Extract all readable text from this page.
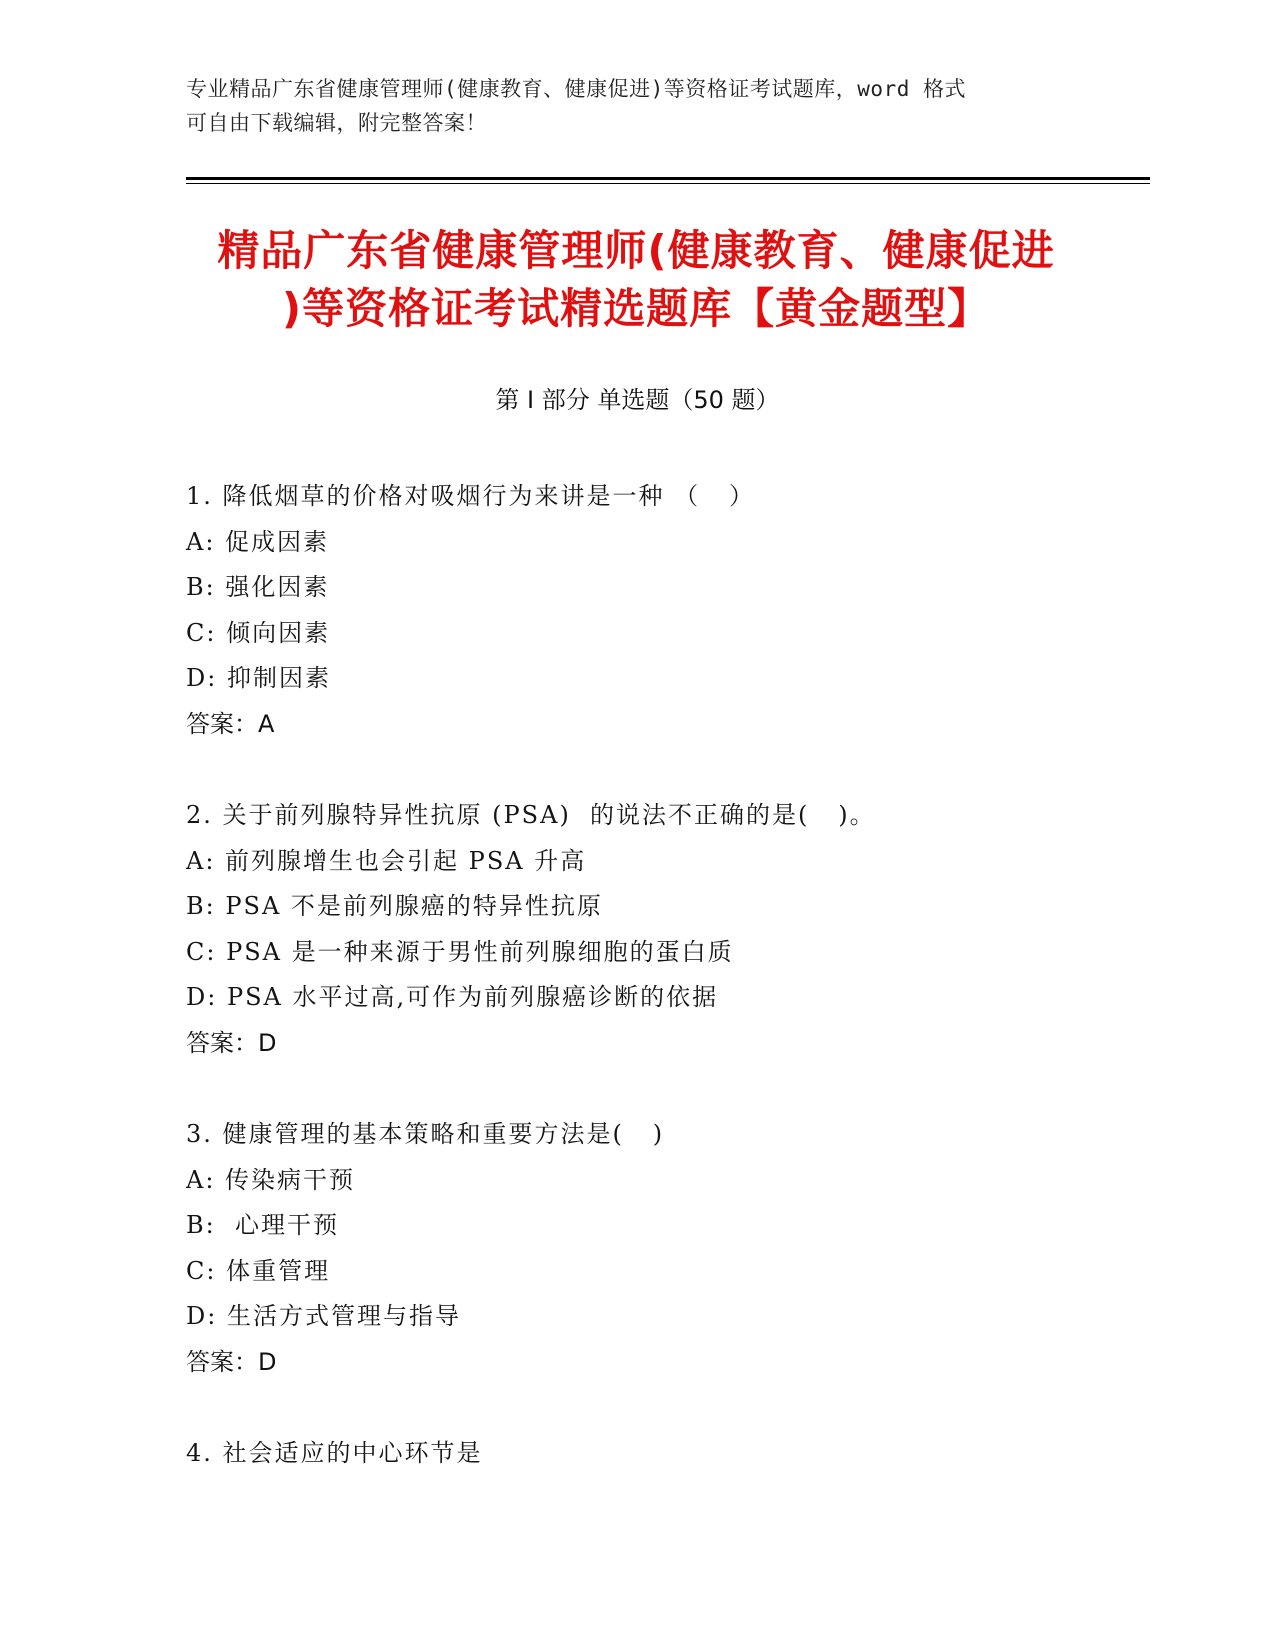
专业精品广东省健康管理师(健康教育、健康促进)等资格证考试题库，word 格式
可自由下载编辑，附完整答案！
精品广东省健康管理师(健康教育、健康促进
)等资格证考试精选题库【黄金题型】
第 I 部分 单选题（50 题）
1. 降低烟草的价格对吸烟行为来讲是一种 （   ）
A: 促成因素
B: 强化因素
C: 倾向因素
D: 抑制因素
答案：A
2. 关于前列腺特异性抗原 (PSA)  的说法不正确的是(   )。
A: 前列腺增生也会引起 PSA 升高
B: PSA 不是前列腺癌的特异性抗原
C: PSA 是一种来源于男性前列腺细胞的蛋白质
D: PSA 水平过高,可作为前列腺癌诊断的依据
答案：D
3. 健康管理的基本策略和重要方法是(   )
A: 传染病干预
B:  心理干预
C: 体重管理
D: 生活方式管理与指导
答案：D
4. 社会适应的中心环节是
